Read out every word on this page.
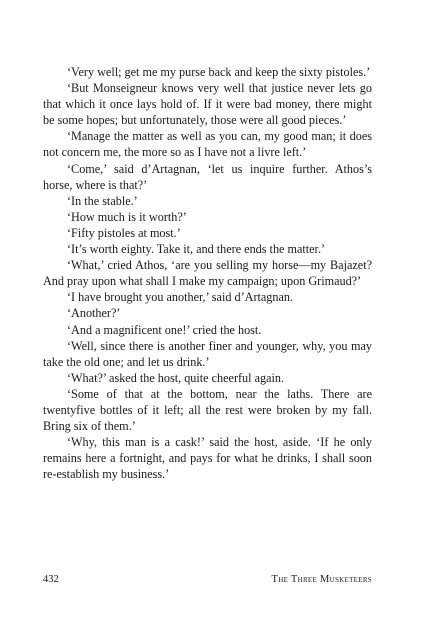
‘Very well; get me my purse back and keep the sixty pistoles.’

‘But Monseigneur knows very well that justice never lets go that which it once lays hold of. If it were bad money, there might be some hopes; but unfortunately, those were all good pieces.’

‘Manage the matter as well as you can, my good man; it does not concern me, the more so as I have not a livre left.’

‘Come,’ said d’Artagnan, ‘let us inquire further. Athos’s horse, where is that?’

‘In the stable.’

‘How much is it worth?’

‘Fifty pistoles at most.’

‘It’s worth eighty. Take it, and there ends the matter.’

‘What,’ cried Athos, ‘are you selling my horse—my Bajazet? And pray upon what shall I make my campaign; upon Grimaud?’

‘I have brought you another,’ said d’Artagnan.

‘Another?’

‘And a magnificent one!’ cried the host.

‘Well, since there is another finer and younger, why, you may take the old one; and let us drink.’

‘What?’ asked the host, quite cheerful again.

‘Some of that at the bottom, near the laths. There are twentyfive bottles of it left; all the rest were broken by my fall. Bring six of them.’

‘Why, this man is a cask!’ said the host, aside. ‘If he only remains here a fortnight, and pays for what he drinks, I shall soon re-establish my business.’

432	The Three Musketeers
